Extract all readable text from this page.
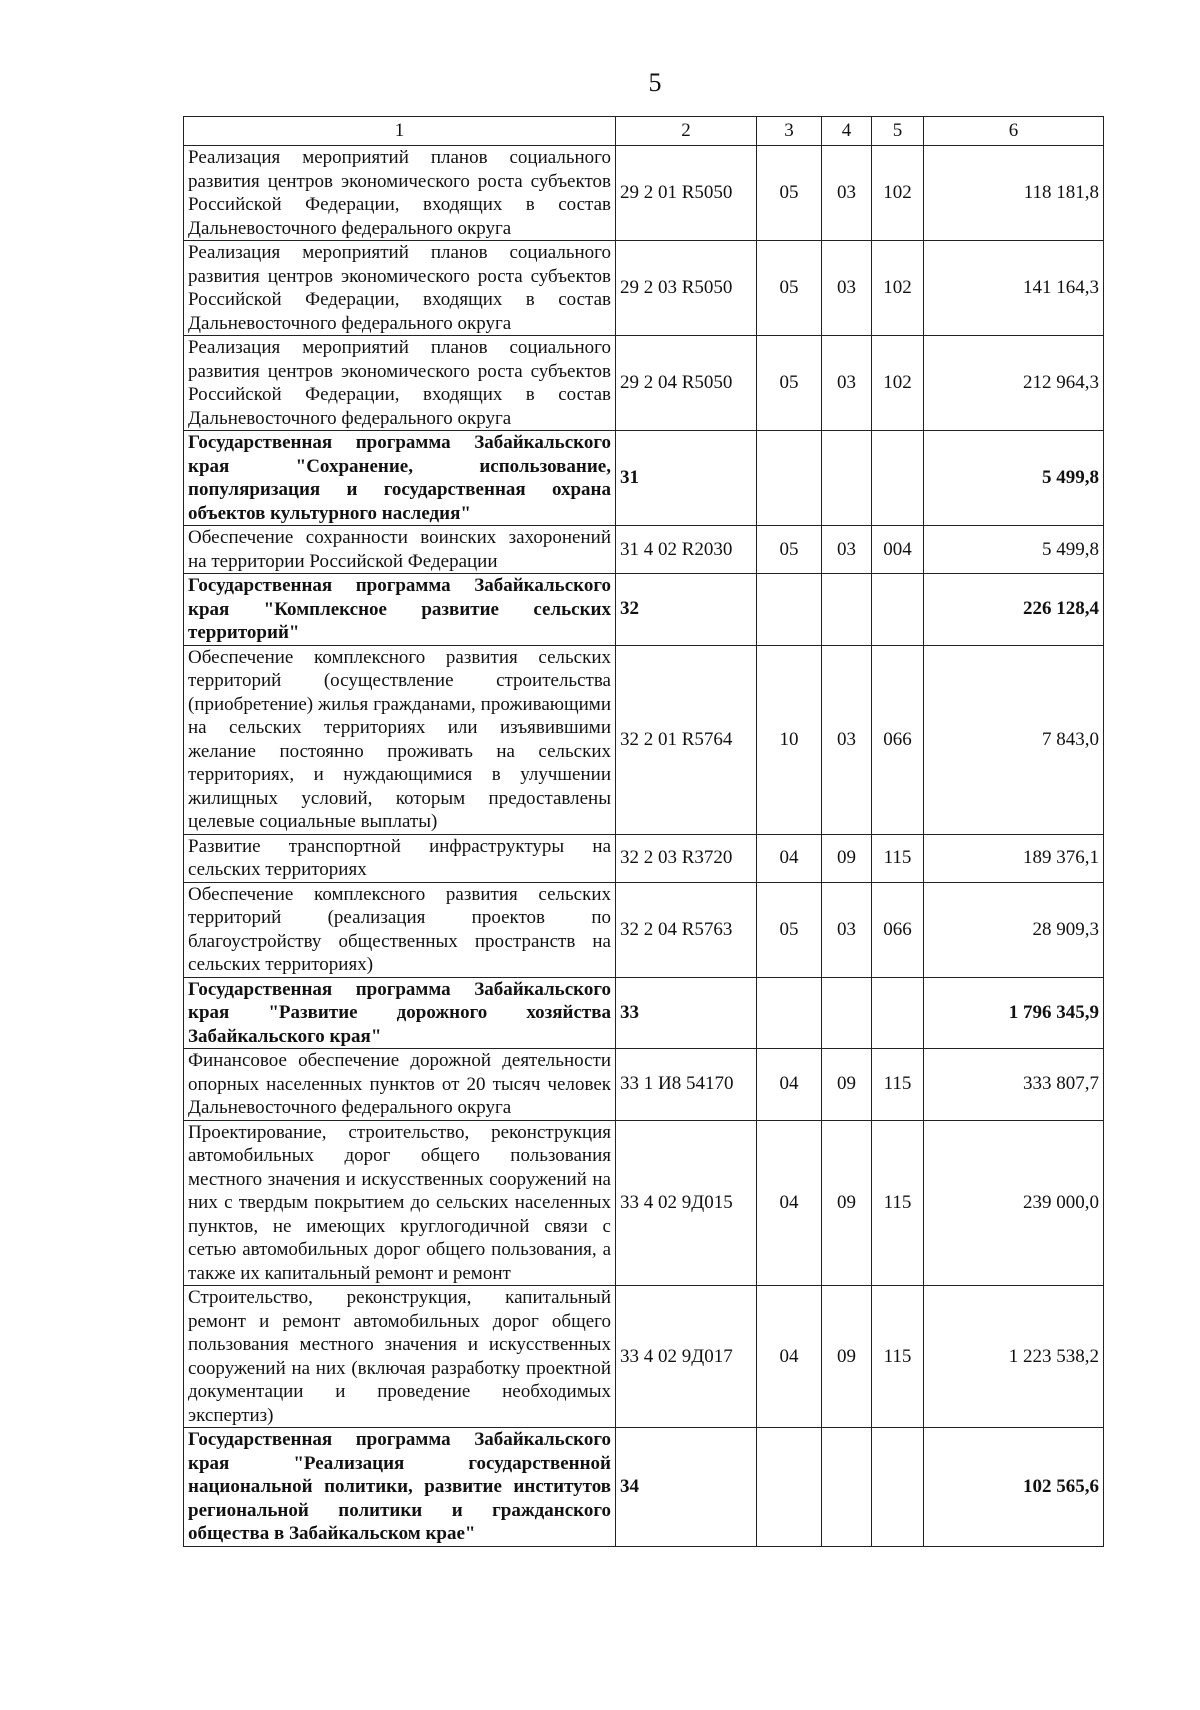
5
1	2	3	4	5	6
Реализация мероприятий планов социального развития центров экономического роста субъектов Российской Федерации, входящих в состав Дальневосточного федерального округа	29 2 01 R5050	05	03	102	118 181,8
Реализация мероприятий планов социального развития центров экономического роста субъектов Российской Федерации, входящих в состав Дальневосточного федерального округа	29 2 03 R5050	05	03	102	141 164,3
Реализация мероприятий планов социального развития центров экономического роста субъектов Российской Федерации, входящих в состав Дальневосточного федерального округа	29 2 04 R5050	05	03	102	212 964,3
Государственная программа Забайкальского края "Сохранение, использование, популяризация и государственная охрана объектов культурного наследия"	31				5 499,8
Обеспечение сохранности воинских захоронений на территории Российской Федерации	31 4 02 R2030	05	03	004	5 499,8
Государственная программа Забайкальского края "Комплексное развитие сельских территорий"	32				226 128,4
Обеспечение комплексного развития сельских территорий (осуществление строительства (приобретение) жилья гражданами, проживающими на сельских территориях или изъявившими желание постоянно проживать на сельских территориях, и нуждающимися в улучшении жилищных условий, которым предоставлены целевые социальные выплаты)	32 2 01 R5764	10	03	066	7 843,0
Развитие транспортной инфраструктуры на сельских территориях	32 2 03 R3720	04	09	115	189 376,1
Обеспечение комплексного развития сельских территорий (реализация проектов по благоустройству общественных пространств на сельских территориях)	32 2 04 R5763	05	03	066	28 909,3
Государственная программа Забайкальского края "Развитие дорожного хозяйства Забайкальского края"	33				1 796 345,9
Финансовое обеспечение дорожной деятельности опорных населенных пунктов от 20 тысяч человек Дальневосточного федерального округа	33 1 И8 54170	04	09	115	333 807,7
Проектирование, строительство, реконструкция автомобильных дорог общего пользования местного значения и искусственных сооружений на них с твердым покрытием до сельских населенных пунктов, не имеющих круглогодичной связи с сетью автомобильных дорог общего пользования, а также их капитальный ремонт и ремонт	33 4 02 9Д015	04	09	115	239 000,0
Строительство, реконструкция, капитальный ремонт и ремонт автомобильных дорог общего пользования местного значения и искусственных сооружений на них (включая разработку проектной документации и проведение необходимых экспертиз)	33 4 02 9Д017	04	09	115	1 223 538,2
Государственная программа Забайкальского края "Реализация государственной национальной политики, развитие институтов региональной политики и гражданского общества в Забайкальском крае"	34				102 565,6
